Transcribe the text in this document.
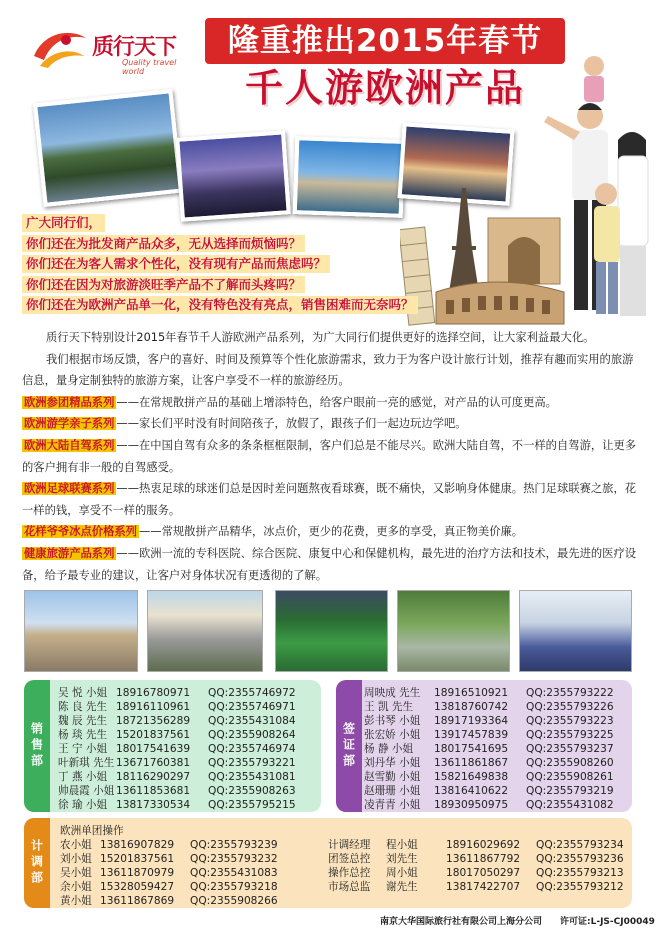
质行天下
Quality travel world
隆重推出2015年春节
千人游欧洲产品
广大同行们，
你们还在为批发商产品众多，无从选择而烦恼吗？
你们还在为客人需求个性化，没有现有产品而焦虑吗？
你们还在因为对旅游淡旺季产品不了解而头疼吗？
你们还在为欧洲产品单一化，没有特色没有亮点，销售困难而无奈吗？

质行天下特别设计2015年春节千人游欧洲产品系列，为广大同行们提供更好的选择空间，让大家利益最大化。

我们根据市场反馈，客户的喜好、时间及预算等个性化旅游需求，致力于为客户设计旅行计划，推荐有趣而实用的旅游信息，量身定制独特的旅游方案，让客户享受不一样的旅游经历。

欧洲参团精品系列 ——在常规散拼产品的基础上增添特色，给客户眼前一亮的感觉，对产品的认可度更高。

欧洲游学亲子系列 ——家长们平时没有时间陪孩子，放假了，跟孩子们一起边玩边学吧。

欧洲大陆自驾系列 ——在中国自驾有众多的条条框框限制，客户们总是不能尽兴。欧洲大陆自驾，不一样的自驾游，让更多的客户拥有非一般的自驾感受。

欧洲足球联赛系列 ——热衷足球的球迷们总是因时差问题熬夜看球赛，既不痛快，又影响身体健康。热门足球联赛之旅，花一样的钱，享受不一样的服务。

花样爷爷冰点价格系列 ——常规散拼产品精华，冰点价，更少的花费，更多的享受，真正物美价廉。

健康旅游产品系列 ——欧洲一流的专科医院、综合医院、康复中心和保健机构，最先进的治疗方法和技术，最先进的医疗设备，给予最专业的建议，让客户对身体状况有更透彻的了解。

销售部
吴 悦 小姐 18916780971	QQ:2355746972
陈 良 先生 18916110961	QQ:2355746971
魏 辰 先生 18721356289	QQ:2355431084
杨 琰 先生 15201837561	QQ:2355908264
王 宁 小姐 18017541639	QQ:2355746974
叶新琪 先生 13671760381	QQ:2355793221
丁 燕 小姐 18116290297	QQ:2355431081
帅晨霞 小姐 13611853681	QQ:2355908263
徐 瑜 小姐 13817330534	QQ:2355795215
签证部
周映成 先生	18916510921	QQ:2355793222
王 凯 先生	13818760742	QQ:2355793226
彭书琴 小姐	18917193364	QQ:2355793223
张宏娇 小姐	13917457839	QQ:2355793225
杨 静 小姐	18017541695	QQ:2355793237
刘丹华 小姐	13611861867	QQ:2355908260
赵雪勤 小姐	15821649838	QQ:2355908261
赵珊珊 小姐	13816410622	QQ:2355793219
凌青青 小姐	18930950975	QQ:2355431082
计调部
欧洲单团操作
农小姐 13816907829	QQ:2355793239
刘小姐 15201837561	QQ:2355793232
吴小姐 13611870979	QQ:2355431083
余小姐 15328059427	QQ:2355793218
黄小姐 13611867869	QQ:2355908266
计调经理	程小姐	18916029692	QQ:2355793234
团签总控	刘先生	13611867792	QQ:2355793236
操作总控	周小姐	18017050297	QQ:2355793213
市场总监	谢先生	13817422707	QQ:2355793212
南京大华国际旅行社有限公司上海分公司 许可证:L-JS-CJ00049
